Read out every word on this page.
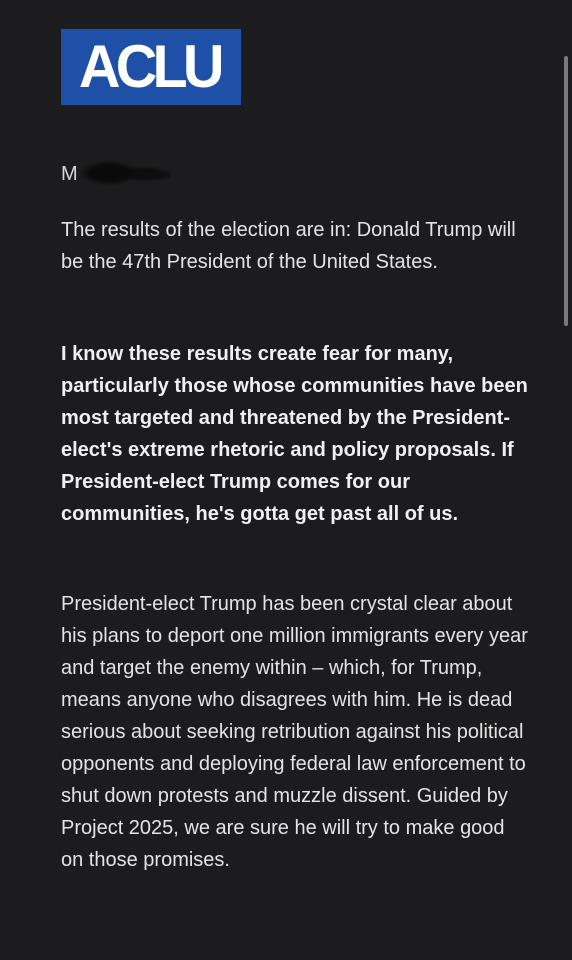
ACLU
M

The results of the election are in: Donald Trump will be the 47th President of the United States.

I know these results create fear for many, particularly those whose communities have been most targeted and threatened by the President-elect's extreme rhetoric and policy proposals. If President-elect Trump comes for our communities, he's gotta get past all of us.

President-elect Trump has been crystal clear about his plans to deport one million immigrants every year and target the enemy within – which, for Trump, means anyone who disagrees with him. He is dead serious about seeking retribution against his political opponents and deploying federal law enforcement to shut down protests and muzzle dissent. Guided by Project 2025, we are sure he will try to make good on those promises.
